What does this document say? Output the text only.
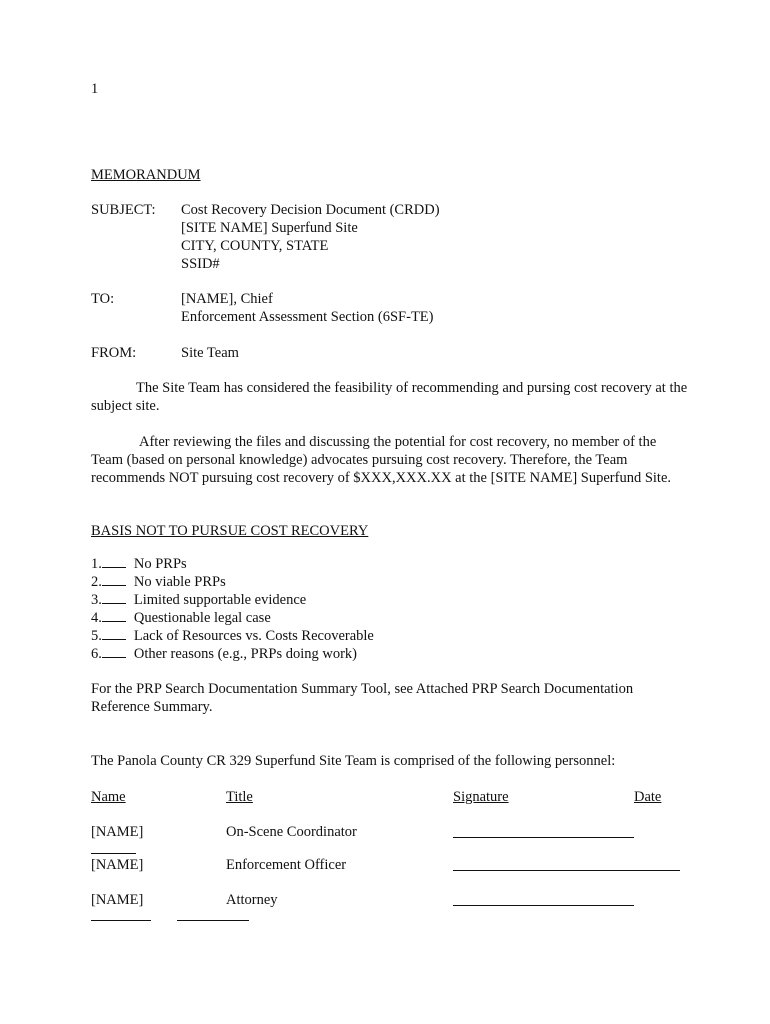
1
MEMORANDUM
SUBJECT: Cost Recovery Decision Document (CRDD)
[SITE NAME] Superfund Site
CITY, COUNTY, STATE
SSID#
TO:	[NAME], Chief
Enforcement Assessment Section (6SF-TE)
FROM:	Site Team
The Site Team has considered the feasibility of recommending and pursing cost recovery at the subject site.
After reviewing the files and discussing the potential for cost recovery, no member of the Team (based on personal knowledge) advocates pursuing cost recovery. Therefore, the Team recommends NOT pursuing cost recovery of $XXX,XXX.XX at the [SITE NAME] Superfund Site.
BASIS NOT TO PURSUE COST RECOVERY
1. No PRPs
2. No viable PRPs
3. Limited supportable evidence
4. Questionable legal case
5. Lack of Resources vs. Costs Recoverable
6. Other reasons (e.g., PRPs doing work)
For the PRP Search Documentation Summary Tool, see Attached PRP Search Documentation Reference Summary.
The Panola County CR 329 Superfund Site Team is comprised of the following personnel:
Name	Title	Signature	Date
[NAME]	On-Scene Coordinator
[NAME]	Enforcement Officer
[NAME]	Attorney
